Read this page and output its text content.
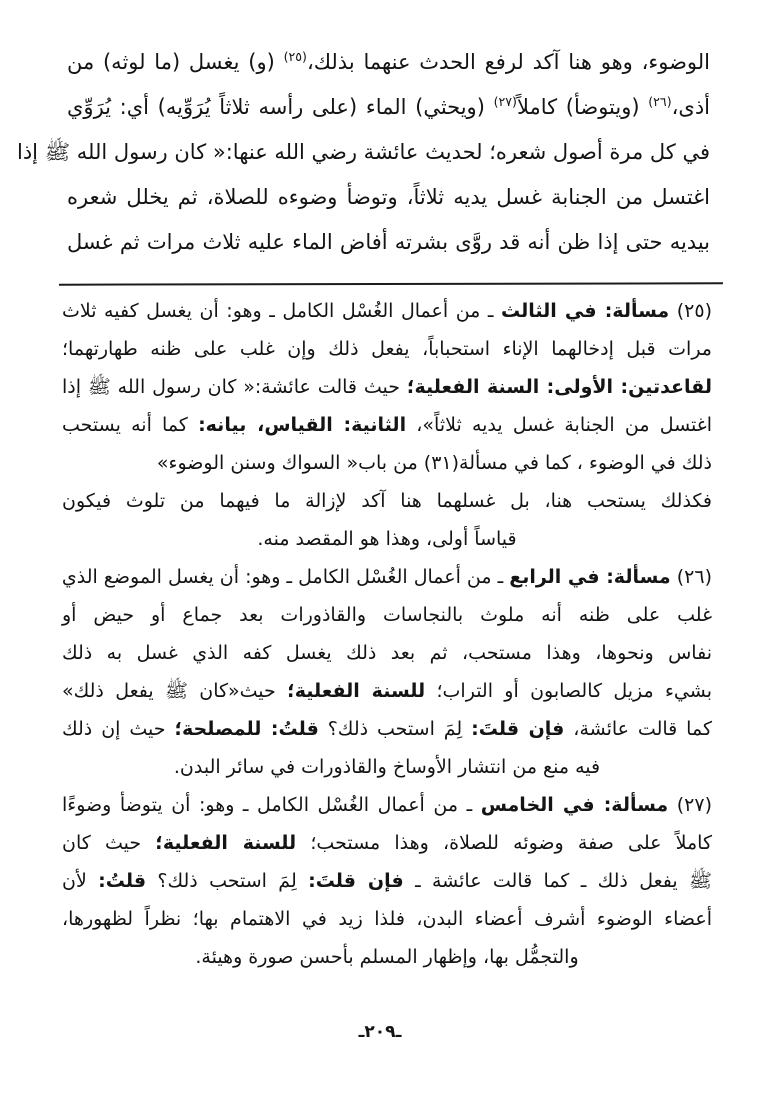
الوضوء، وهو هنا آكد لرفع الحدث عنهما بذلك،$^{(٢٥)}$ (و) يغسل (ما لوثه) من
أذى،$^{(٢٦)}$ (ويتوضأ) كاملاً$^{(٢٧)}$ (ويحثي) الماء (على رأسه ثلاثاً يُرَوِّيه) أي: يُرَوِّي
في كل مرة أصول شعره؛ لحديث عائشة رضي الله عنها:« كان رسول الله ﷺ إذا
اغتسل من الجنابة غسل يديه ثلاثاً، وتوضأ وضوءه للصلاة، ثم يخلل شعره
بيديه حتى إذا ظن أنه قد روَّى بشرته أفاض الماء عليه ثلاث مرات ثم غسل
(٢٥) مسألة: في الثالث ـ من أعمال الغُسْل الكامل ـ وهو: أن يغسل كفيه ثلاث
مرات قبل إدخالهما الإناء استحباباً، يفعل ذلك وإن غلب على ظنه طهارتهما؛
لقاعدتين: الأولى: السنة الفعلية؛ حيث قالت عائشة:« كان رسول الله ﷺ إذا
اغتسل من الجنابة غسل يديه ثلاثاً»، الثانية: القياس، بيانه: كما أنه يستحب
ذلك في الوضوء ، كما في مسألة(٣١) من باب« السواك وسنن الوضوء»
فكذلك يستحب هنا، بل غسلهما هنا آكد لإزالة ما فيهما من تلوث فيكون
قياساً أولى، وهذا هو المقصد منه.
(٢٦) مسألة: في الرابع ـ من أعمال الغُسْل الكامل ـ وهو: أن يغسل الموضع الذي
غلب على ظنه أنه ملوث بالنجاسات والقاذورات بعد جماع أو حيض أو
نفاس ونحوها، وهذا مستحب، ثم بعد ذلك يغسل كفه الذي غسل به ذلك
بشيء مزيل كالصابون أو التراب؛ للسنة الفعلية؛ حيث«كان ﷺ يفعل ذلك»
كما قالت عائشة، فإن قلتَ: لِمَ استحب ذلك؟ قلتُ: للمصلحة؛ حيث إن ذلك
فيه منع من انتشار الأوساخ والقاذورات في سائر البدن.
(٢٧) مسألة: في الخامس ـ من أعمال الغُسْل الكامل ـ وهو: أن يتوضأ وضوءًا
كاملاً على صفة وضوئه للصلاة، وهذا مستحب؛ للسنة الفعلية؛ حيث كان
ﷺ يفعل ذلك ـ كما قالت عائشة ـ فإن قلتَ: لِمَ استحب ذلك؟ قلتُ: لأن
أعضاء الوضوء أشرف أعضاء البدن، فلذا زيد في الاهتمام بها؛ نظراً لظهورها،
والتجمُّل بها، وإظهار المسلم بأحسن صورة وهيئة.
ـ٢٠٩ـ
